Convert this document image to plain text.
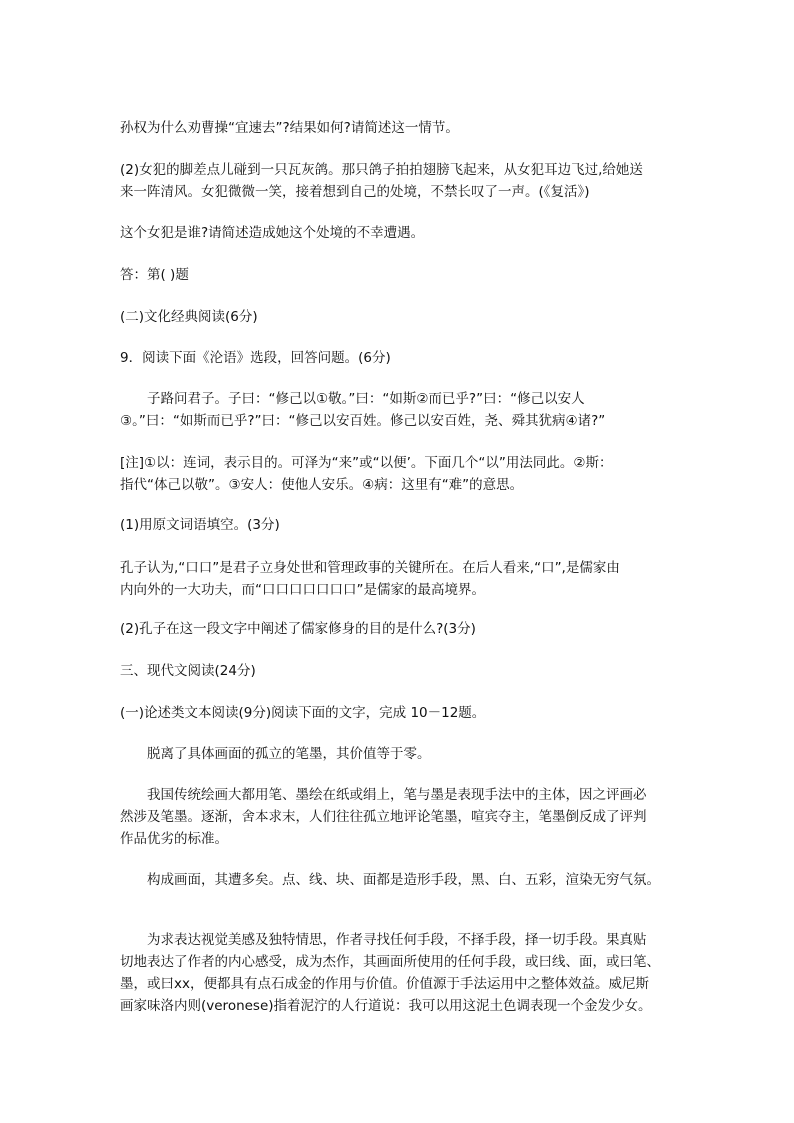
孙权为什么劝曹操“宜速去”?结果如何?请简述这一情节。

(2)女犯的脚差点儿碰到一只瓦灰鸽。那只鸽子拍拍翅膀飞起来，从女犯耳边飞过,给她送
来一阵清风。女犯微微一笑，接着想到自己的处境，不禁长叹了一声。(《复活》)

这个女犯是谁?请简述造成她这个处境的不幸遭遇。

答：第( )题

(二)文化经典阅读(6分)

9．阅读下面《沦语》选段，回答问题。(6分)

子路问君子。子曰：“修己以①敬。”曰：“如斯②而已乎?”曰：“修己以安人
③。”曰：“如斯而已乎?”曰：“修己以安百姓。修己以安百姓，尧、舜其犹病④诸?”

[注]①以：连词，表示目的。可泽为“来”或“以便’。下面几个“以”用法同此。②斯：
指代“体己以敬”。③安人：使他人安乐。④病：这里有“难”的意思。

(1)用原文词语填空。(3分)

孔子认为,“口口”是君子立身处世和管理政事的关键所在。在后人看来,“口”,是儒家由
内向外的一大功夫，而“口口口口口口口”是儒家的最高境界。

(2)孔子在这一段文字中阐述了儒家修身的目的是什么?(3分)

三、现代文阅读(24分)

(一)论述类文本阅读(9分)阅读下面的文字，完成 10－12题。

脱离了具体画面的孤立的笔墨，其价值等于零。

我国传统绘画大都用笔、墨绘在纸或绢上，笔与墨是表现手法中的主体，因之评画必
然涉及笔墨。逐渐，舍本求末，人们往往孤立地评论笔墨，喧宾夺主，笔墨倒反成了评判
作品优劣的标准。

构成画面，其遭多矣。点、线、块、面都是造形手段，黑、白、五彩，渲染无穷气氛。

为求表达视觉美感及独特情思，作者寻找任何手段，不择手段，择一切手段。果真贴
切地表达了作者的内心感受，成为杰作，其画面所使用的任何手段，或曰线、面，或曰笔、
墨，或曰xx，便都具有点石成金的作用与价值。价值源于手法运用中之整体效益。威尼斯
画家味洛内则(veronese)指着泥泞的人行道说：我可以用这泥土色调表现一个金发少女。
